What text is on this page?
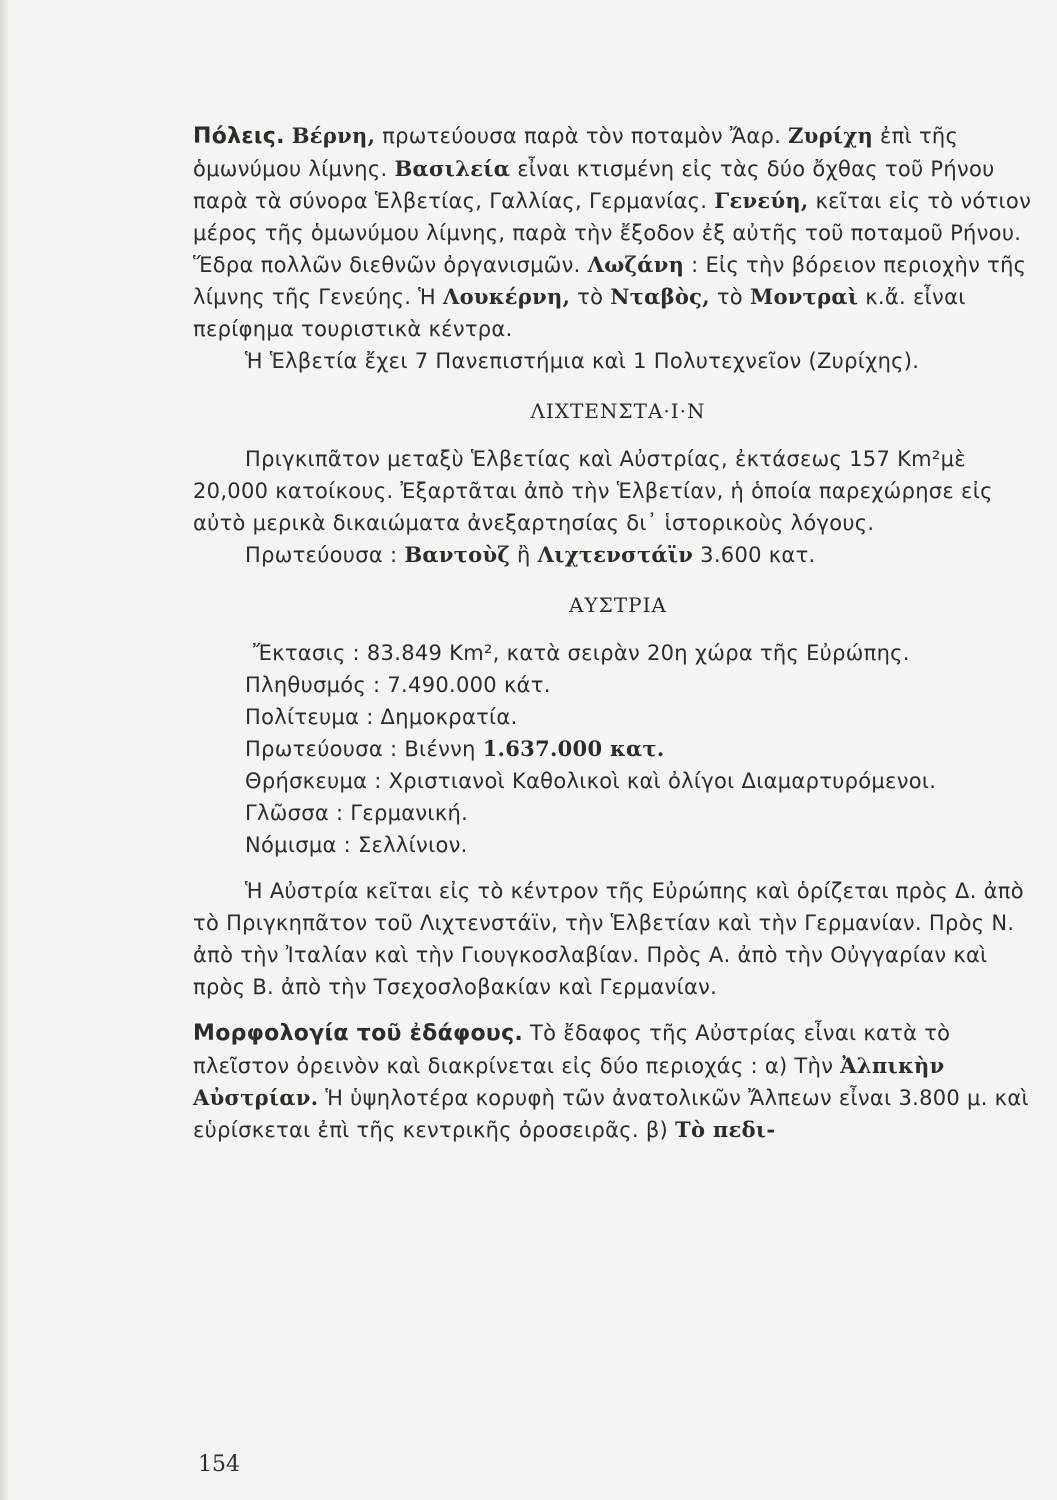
Πόλεις. Βέρνη, πρωτεύουσα παρὰ τὸν ποταμὸν Ἄαρ. Ζυρίχη ἐπὶ τῆς ὁμωνύμου λίμνης. Βασιλεία εἶναι κτισμένη εἰς τὰς δύο ὄχθας τοῦ Ρήνου παρὰ τὰ σύνορα Ἑλβετίας, Γαλλίας, Γερμανίας. Γενεύη, κεῖται εἰς τὸ νότιον μέρος τῆς ὁμωνύμου λίμνης, παρὰ τὴν ἔξοδον ἐξ αὐτῆς τοῦ ποταμοῦ Ρήνου. Ἕδρα πολλῶν διεθνῶν ὀργανισμῶν. Λωζάνη : Εἰς τὴν βόρειον περιοχὴν τῆς λίμνης τῆς Γενεύης. Ἡ Λουκέρνη, τὸ Νταβὸς, τὸ Μοντραὶ κ.ἄ. εἶναι περίφημα τουριστικὰ κέντρα.

Ἡ Ἑλβετία ἔχει 7 Πανεπιστήμια καὶ 1 Πολυτεχνεῖον (Ζυρίχης).

ΛΙΧΤΕΝΣΤΑ·Ι·Ν

Πριγκιπᾶτον μεταξὺ Ἑλβετίας καὶ Αὐστρίας, ἐκτάσεως 157 Km²μὲ 20,000 κατοίκους. Ἐξαρτᾶται ἀπὸ τὴν Ἑλβετίαν, ἡ ὁποία παρεχώρησε εἰς αὐτὸ μερικὰ δικαιώματα ἀνεξαρτησίας δι᾽ ἱστορικοὺς λόγους.

Πρωτεύουσα : Βαντοὺζ ἢ Λιχτενστάϊν 3.600 κατ.

ΑΥΣΤΡΙΑ

Ἔκτασις : 83.849 Km², κατὰ σειρὰν 20η χώρα τῆς Εὐρώπης.

Πληθυσμός : 7.490.000 κάτ.

Πολίτευμα : Δημοκρατία.

Πρωτεύουσα : Βιέννη 1.637.000 κατ.

Θρήσκευμα : Χριστιανοὶ Καθολικοὶ καὶ ὀλίγοι Διαμαρτυρόμενοι.

Γλῶσσα : Γερμανική.

Νόμισμα : Σελλίνιον.

Ἡ Αὐστρία κεῖται εἰς τὸ κέντρον τῆς Εὐρώπης καὶ ὁρίζεται πρὸς Δ. ἀπὸ τὸ Πριγκηπᾶτον τοῦ Λιχτενστάϊν, τὴν Ἑλβετίαν καὶ τὴν Γερμανίαν. Πρὸς Ν. ἀπὸ τὴν Ἰταλίαν καὶ τὴν Γιουγκοσλαβίαν. Πρὸς Α. ἀπὸ τὴν Οὐγγαρίαν καὶ πρὸς Β. ἀπὸ τὴν Τσεχοσλοβακίαν καὶ Γερμανίαν.

Μορφολογία τοῦ ἐδάφους. Τὸ ἔδαφος τῆς Αὐστρίας εἶναι κατὰ τὸ πλεῖστον ὀρεινὸν καὶ διακρίνεται εἰς δύο περιοχάς : α) Τὴν Ἀλπικὴν Αὐστρίαν. Ἡ ὑψηλοτέρα κορυφὴ τῶν ἀνατολικῶν Ἄλπεων εἶναι 3.800 μ. καὶ εὑρίσκεται ἐπὶ τῆς κεντρικῆς ὀροσειρᾶς. β) Τὸ πεδι-

154
